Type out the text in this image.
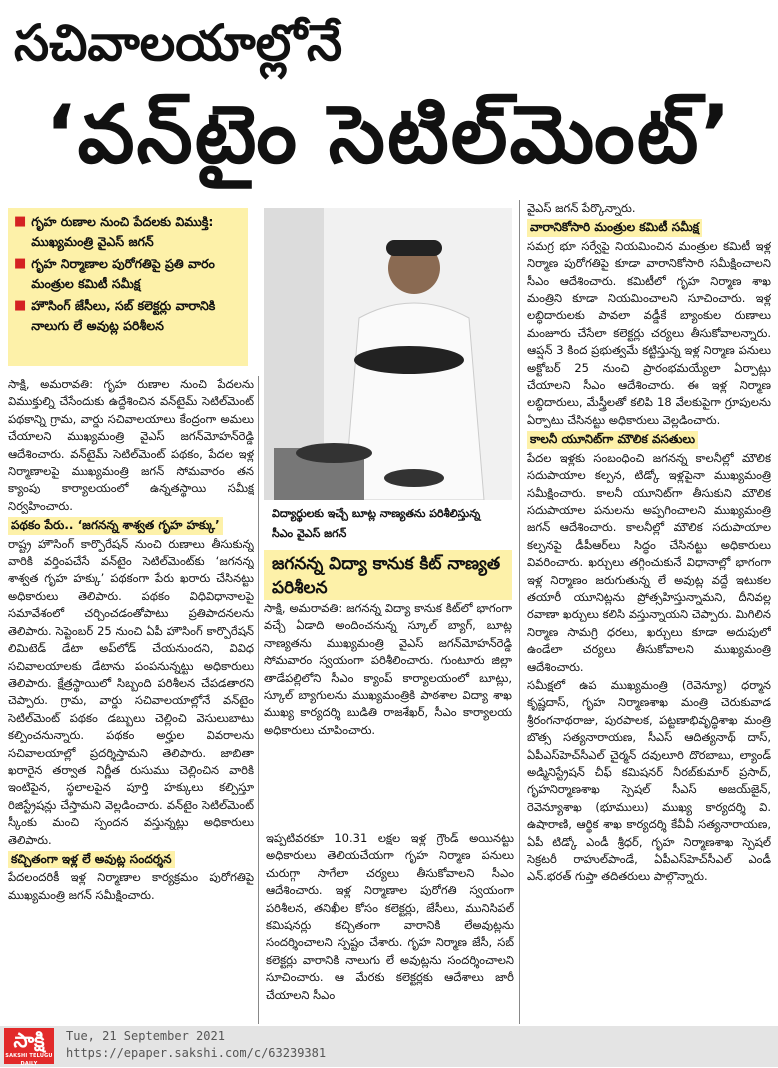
సచివాలయాల్లోనే
‘వన్‌టైం సెటిల్‌మెంట్‌’
■ గృహ రుణాల నుంచి పేదలకు విముక్తి: ముఖ్యమంత్రి వైఎస్‌ జగన్‌
■ గృహ నిర్మాణాల పురోగతిపై ప్రతి వారం మంత్రుల కమిటీ సమీక్ష
■ హౌసింగ్‌ జేసీలు, సబ్‌ కలెక్టర్లు వారానికి నాలుగు లే అవుట్ల పరిశీలన

సాక్షి, అమరావతి: గృహ రుణాల నుంచి పేదలను విముక్తుల్ని చేసేందుకు ఉద్దేశించిన వన్‌టైమ్‌ సెటిల్‌మెంట్‌ పథకాన్ని గ్రామ, వార్డు సచివాలయాలు కేంద్రంగా అమలు చేయాలని ముఖ్యమంత్రి వైఎస్‌ జగన్‌మోహన్‌రెడ్డి ఆదేశించారు. వన్‌టైమ్‌ సెటిల్‌మెంట్‌ పథకం, పేదల ఇళ్ల నిర్మాణాలపై ముఖ్యమంత్రి జగన్‌ సోమవారం తన క్యాంపు కార్యాలయంలో ఉన్నతస్థాయి సమీక్ష నిర్వహించారు.

పథకం పేరు.. ‘జగనన్న శాశ్వత గృహ హక్కు’

రాష్ట్ర హౌసింగ్‌ కార్పొరేషన్‌ నుంచి రుణాలు తీసుకున్న వారికి వర్తింపచేసే వన్‌టైం సెటిల్‌మెంట్‌కు ‘జగనన్న శాశ్వత గృహ హక్కు’ పథకంగా పేరు ఖరారు చేసినట్టు అధికారులు తెలిపారు. పథకం విధివిధానాలపై సమావేశంలో చర్చించడంతోపాటు ప్రతిపాదనలను తెలిపారు. సెప్టెంబర్‌ 25 నుంచి ఏపీ హౌసింగ్‌ కార్పొరేషన్‌ లిమిటెడ్‌ డేటా అప్‌లోడ్‌ చేయనుందని, వివిధ సచివాలయాలకు డేటాను పంపనున్నట్టు అధికారులు తెలిపారు. క్షేత్రస్థాయిలో సిబ్బంది పరిశీలన చేపడతారని చెప్పారు. గ్రామ, వార్డు సచివాలయాల్లోనే వన్‌టైం సెటిల్‌మెంట్‌ పథకం డబ్బులు చెల్లించి వెసులుబాటు కల్పించనున్నారు. పథకం అర్హుల వివరాలను సచివాలయాల్లో ప్రదర్శిస్తామని తెలిపారు. జాబితా ఖరారైన తర్వాత నిర్ణీత రుసుము చెల్లించిన వారికి ఇంటిపైన, స్థలాలపైన పూర్తి హక్కులు కల్పిస్తూ రిజిస్ట్రేషన్లు చేస్తామని వెల్లడించారు. వన్‌టైం సెటిల్‌మెంట్‌ స్కీంకు మంచి స్పందన వస్తున్నట్లు అధికారులు తెలిపారు.

కచ్చితంగా ఇళ్ల లే అవుట్ల సందర్శన

పేదలందరికీ ఇళ్ల నిర్మాణాల కార్యక్రమం పురోగతిపై ముఖ్యమంత్రి జగన్‌ సమీక్షించారు.

విద్యార్థులకు ఇచ్చే బూట్ల నాణ్యతను పరిశీలిస్తున్న సీఎం వైఎస్‌ జగన్‌
జగనన్న విద్యా కానుక కిట్‌ నాణ్యత పరిశీలన

సాక్షి, అమరావతి: జగనన్న విద్యా కానుక కిట్‌లో భాగంగా వచ్చే ఏడాది అందించనున్న స్కూల్‌ బ్యాగ్, బూట్ల నాణ్యతను ముఖ్యమంత్రి వైఎస్‌ జగన్‌మోహన్‌రెడ్డి సోమవారం స్వయంగా పరిశీలించారు. గుంటూరు జిల్లా తాడేపల్లిలోని సీఎం క్యాంప్‌ కార్యాలయంలో బూట్లు, స్కూల్‌ బ్యాగులను ముఖ్యమంత్రికి పాఠశాల విద్యా శాఖ ముఖ్య కార్యదర్శి బుడితి రాజశేఖర్, సీఎం కార్యాలయ అధికారులు చూపించారు.

ఇప్పటివరకూ 10.31 లక్షల ఇళ్ల గ్రౌండ్‌ అయినట్టు అధికారులు తెలియచేయగా గృహ నిర్మాణ పనులు చురుగ్గా సాగేలా చర్యలు తీసుకోవాలని సీఎం ఆదేశించారు. ఇళ్ల నిర్మాణాల పురోగతి స్వయంగా పరిశీలన, తనిఖీల కోసం కలెక్టర్లు, జేసీలు, మునిసిపల్‌ కమిషనర్లు కచ్చితంగా వారానికి లేఅవుట్లను సందర్శించాలని స్పష్టం చేశారు. గృహ నిర్మాణ జేసీ, సబ్‌ కలెక్టర్లు వారానికి నాలుగు లే అవుట్లను సందర్శించాలని సూచించారు. ఆ మేరకు కలెక్టర్లకు ఆదేశాలు జారీ చేయాలని సీఎం

వైఎస్‌ జగన్‌ పేర్కొన్నారు.

వారానికోసారి మంత్రుల కమిటీ సమీక్ష

సమగ్ర భూ సర్వేపై నియమించిన మంత్రుల కమిటీ ఇళ్ల నిర్మాణ పురోగతిపై కూడా వారానికోసారి సమీక్షించాలని సీఎం ఆదేశించారు. కమిటీలో గృహ నిర్మాణ శాఖ మంత్రిని కూడా నియమించాలని సూచించారు. ఇళ్ల లబ్ధిదారులకు పావలా వడ్డీకే బ్యాంకుల రుణాలు మంజూరు చేసేలా కలెక్టర్లు చర్యలు తీసుకోవాలన్నారు. ఆప్షన్‌ 3 కింద ప్రభుత్వమే కట్టిస్తున్న ఇళ్ల నిర్మాణ పనులు అక్టోబర్‌ 25 నుంచి ప్రారంభమయ్యేలా ఏర్పాట్లు చేయాలని సీఎం ఆదేశించారు. ఈ ఇళ్ల నిర్మాణ లబ్ధిదారులు, మేస్త్రీలతో కలిపి 18 వేలకుపైగా గ్రూపులను ఏర్పాటు చేసినట్టు అధికారులు వెల్లడించారు.

కాలనీ యూనిట్‌గా మౌలిక వసతులు

పేదల ఇళ్లకు సంబంధించి జగనన్న కాలనీల్లో మౌలిక సదుపాయాల కల్పన, టిడ్కో ఇళ్లపైనా ముఖ్యమంత్రి సమీక్షించారు. కాలనీ యూనిట్‌గా తీసుకుని మౌలిక సదుపాయాల పనులను అప్పగించాలని ముఖ్యమంత్రి జగన్‌ ఆదేశించారు. కాలనీల్లో మౌలిక సదుపాయాల కల్పనపై డీపీఆర్‌లు సిద్ధం చేసినట్టు అధికారులు వివరించారు. ఖర్చులు తగ్గించుకునే విధానాల్లో భాగంగా ఇళ్ల నిర్మాణం జరుగుతున్న లే అవుట్ల వద్దే ఇటుకల తయారీ యూనిట్లను ప్రోత్సహిస్తున్నామని, దీనివల్ల రవాణా ఖర్చులు కలిసి వస్తున్నాయని చెప్పారు. మిగిలిన నిర్మాణ సామగ్రి ధరలు, ఖర్చులు కూడా అదుపులో ఉండేలా చర్యలు తీసుకోవాలని ముఖ్యమంత్రి ఆదేశించారు.

సమీక్షలో ఉప ముఖ్యమంత్రి (రెవెన్యూ) ధర్మాన కృష్ణదాస్, గృహ నిర్మాణశాఖ మంత్రి చెరుకువాడ శ్రీరంగనాథరాజు, పురపాలక, పట్టణాభివృద్ధిశాఖ మంత్రి బొత్స సత్యనారాయణ, సీఎస్‌ ఆదిత్యనాథ్‌ దాస్, ఏపీఎస్‌హెచ్‌సీఎల్‌ చైర్మన్‌ దవులూరి దొరబాబు, ల్యాండ్‌ అడ్మినిస్ట్రేషన్‌ చీఫ్‌ కమిషనర్‌ నీరబ్‌కుమార్‌ ప్రసాద్, గృహనిర్మాణశాఖ స్పెషల్‌ సీఎస్‌ అజయ్‌జైన్, రెవెన్యూశాఖ (భూములు) ముఖ్య కార్యదర్శి వి. ఉషారాణి, ఆర్థిక శాఖ కార్యదర్శి కేవీవీ సత్యనారాయణ, ఏపీ టిడ్కో ఎండీ శ్రీధర్, గృహ నిర్మాణశాఖ స్పెషల్‌ సెక్రటరీ రాహుల్‌పాండే, ఏపీఎస్‌హెచ్‌సీఎల్‌ ఎండీ ఎన్‌.భరత్‌ గుప్తా తదితరులు పాల్గొన్నారు.

సాక్షి
SAKSHI TELUGU DAILY
Tue, 21 September 2021
https://epaper.sakshi.com/c/63239381
